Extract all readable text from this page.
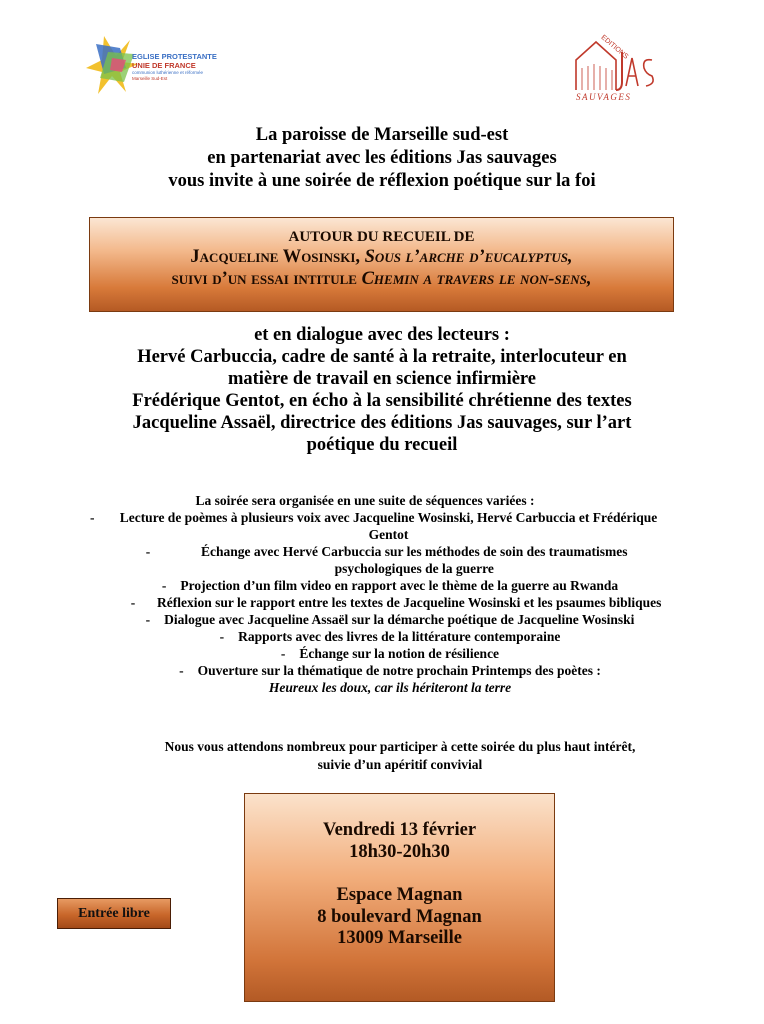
EGLISE PROTESTANTE
UNIE DE FRANCE
communion luthérienne et réformée
Marseille Sud-Est
EDITIONS
SAUVAGES
La paroisse de Marseille sud-est
en partenariat avec les éditions Jas sauvages
vous invite à une soirée de réflexion poétique sur la foi
AUTOUR DU RECUEIL DE
Jacqueline Wosinski, Sous l’arche d’eucalyptus,
suivi d’un essai intitule Chemin a travers le non-sens,
et en dialogue avec des lecteurs :
Hervé Carbuccia, cadre de santé à la retraite, interlocuteur en
matière de travail en science infirmière
Frédérique Gentot, en écho à la sensibilité chrétienne des textes
Jacqueline Assaël, directrice des éditions Jas sauvages, sur l’art
poétique du recueil
La soirée sera organisée en une suite de séquences variées :
-	Lecture de poèmes à plusieurs voix avec Jacqueline Wosinski, Hervé Carbuccia et Frédérique Gentot
-	Échange avec Hervé Carbuccia sur les méthodes de soin des traumatismes psychologiques de la guerre
- Projection d’un film video en rapport avec le thème de la guerre au Rwanda
-	Réflexion sur le rapport entre les textes de Jacqueline Wosinski et les psaumes bibliques
- Dialogue avec Jacqueline Assaël sur la démarche poétique de Jacqueline Wosinski
- Rapports avec des livres de la littérature contemporaine
- Échange sur la notion de résilience
- Ouverture sur la thématique de notre prochain Printemps des poètes :
Heureux les doux, car ils hériteront la terre
Nous vous attendons nombreux pour participer à cette soirée du plus haut intérêt,
suivie d’un apéritif convivial
Vendredi 13 février
18h30-20h30
Espace Magnan
8 boulevard Magnan
13009 Marseille
Entrée libre
